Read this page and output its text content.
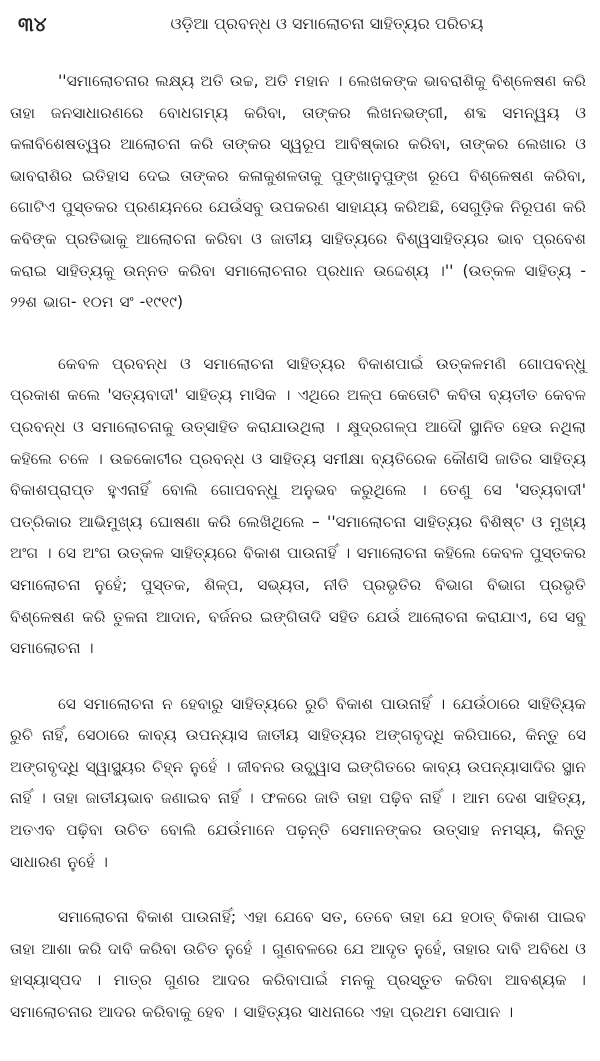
୩୪	ଓଡ଼ିଆ ପ୍ରବନ୍ଧ ଓ ସମାଲୋଚନା ସାହିତ୍ୟର ପରିଚୟ

''ସମାଲୋଚନାର ଲକ୍ଷ୍ୟ ଅତି ଉଚ୍ଚ, ଅତି ମହାନ । ଲେଖକଙ୍କ ଭାବରାଶିକୁ ବିଶ୍ଳେଷଣ କରି ତାହା ଜନସାଧାରଣରେ ବୋଧଗମ୍ୟ କରିବା, ତାଙ୍କର ଲିଖନଭଙ୍ଗୀ, ଶବ୍ଦ ସମନ୍ୱୟ ଓ କଳାବିଶେଷତ୍ୱର ଆଲୋଚନା କରି ତାଙ୍କର ସ୍ୱରୂପ ଆବିଷ୍କାର କରିବା, ତାଙ୍କର ଲେଖାର ଓ ଭାବରାଶିର ଇତିହାସ ଦେଇ ତାଙ୍କର କଳାକୁଶଳତାକୁ ପୁଙ୍ଖାନୁପୁଙ୍ଖ ରୂପେ ବିଶ୍ଳେଷଣ କରିବା, ଗୋଟିଏ ପୁସ୍ତକର ପ୍ରଣୟନରେ ଯେଉଁସବୁ ଉପକରଣ ସାହାଯ୍ୟ କରିଅଛି, ସେଗୁଡ଼ିକ ନିରୂପଣ କରି କବିଙ୍କ ପ୍ରତିଭାକୁ ଆଲୋଚନା କରିବା ଓ ଜାତୀୟ ସାହିତ୍ୟରେ ବିଶ୍ୱସାହିତ୍ୟର ଭାବ ପ୍ରବେଶ କରାଇ ସାହିତ୍ୟକୁ ଉନ୍ନତ କରିବା ସମାଲୋଚନାର ପ୍ରଧାନ ଉଦ୍ଦେଶ୍ୟ ।'' (ଉତ୍କଳ ସାହିତ୍ୟ - ୨୨ଶ ଭାଗ- ୧୦ମ ସଂ -୧୯୧୯)

କେବଳ ପ୍ରବନ୍ଧ ଓ ସମାଲୋଚନା ସାହିତ୍ୟର ବିକାଶପାଇଁ ଉତ୍କଳମଣି ଗୋପବନ୍ଧୁ ପ୍ରକାଶ କଲେ 'ସତ୍ୟବାଦୀ' ସାହିତ୍ୟ ମାସିକ । ଏଥିରେ ଅଳ୍ପ କେତୋଟି କବିତା ବ୍ୟତୀତ କେବଳ ପ୍ରବନ୍ଧ ଓ ସମାଲୋଚନାକୁ ଉତ୍ସାହିତ କରାଯାଉଥିଲା । କ୍ଷୁଦ୍ରଗଳ୍ପ ଆଦୌ ସ୍ଥାନିତ ହେଉ ନଥିଲା କହିଲେ ଚଳେ । ଉଚ୍ଚକୋଟୀର ପ୍ରବନ୍ଧ ଓ ସାହିତ୍ୟ ସମୀକ୍ଷା ବ୍ୟତିରେକ କୌଣସି ଜାତିର ସାହିତ୍ୟ ବିକାଶପ୍ରାପ୍ତ ହୁଏନାହିଁ ବୋଲି ଗୋପବନ୍ଧୁ ଅନୁଭବ କରୁଥିଲେ । ତେଣୁ ସେ 'ସତ୍ୟବାଦୀ' ପତ୍ରିକାର ଆଭିମୁଖ୍ୟ ଘୋଷଣା କରି ଲେଖିଥିଲେ – ''ସମାଲୋଚନା ସାହିତ୍ୟର ବିଶିଷ୍ଟ ଓ ମୁଖ୍ୟ ଅଂଗ । ସେ ଅଂଗ ଉତ୍କଳ ସାହିତ୍ୟରେ ବିକାଶ ପାଉନାହିଁ । ସମାଲୋଚନା କହିଲେ କେବଳ ପୁସ୍ତକର ସମାଲୋଚନା ନୁହେଁ; ପୁସ୍ତକ, ଶିଳ୍ପ, ସଭ୍ୟତା, ନୀତି ପ୍ରଭୃତିର ବିଭାଗ ବିଭାଗ ପ୍ରଭୃତି ବିଶ୍ଳେଷଣ କରି ତୁଳନା ଆଦାନ, ବର୍ଜନର ଇଙ୍ଗିତାଦି ସହିତ ଯେଉଁ ଆଲୋଚନା କରାଯାଏ, ସେ ସବୁ ସମାଲୋଚନା ।

ସେ ସମାଲୋଚନା ନ ହେବାରୁ ସାହିତ୍ୟରେ ରୁଚି ବିକାଶ ପାଉନାହିଁ । ଯେଉଁଠାରେ ସାହିତ୍ୟିକ ରୁଚି ନାହିଁ, ସେଠାରେ କାବ୍ୟ ଉପନ୍ୟାସ ଜାତୀୟ ସାହିତ୍ୟର ଅଙ୍ଗବୃଦ୍ଧି କରିପାରେ, କିନ୍ତୁ ସେ ଅଙ୍ଗବୃଦ୍ଧି ସ୍ୱାସ୍ଥ୍ୟର ଚିହ୍ନ ନୁହେଁ । ଜୀବନର ଉଚ୍ଛ୍ୱାସ ଇଙ୍ଗିତରେ କାବ୍ୟ ଉପନ୍ୟାସାଦିର ସ୍ଥାନ ନାହିଁ । ତାହା ଜାତୀୟଭାବ ଜଣାଇବ ନାହିଁ । ଫଳରେ ଜାତି ତାହା ପଢ଼ିବ ନାହିଁ । ଆମ ଦେଶ ସାହିତ୍ୟ, ଅତଏବ ପଢ଼ିବା ଉଚିତ ବୋଲି ଯେଉଁମାନେ ପଢ଼ନ୍ତି ସେମାନଙ୍କର ଉତ୍ସାହ ନମସ୍ୟ, କିନ୍ତୁ ସାଧାରଣ ନୁହେଁ ।

ସମାଲୋଚନା ବିକାଶ ପାଉନାହିଁ; ଏହା ଯେବେ ସତ, ତେବେ ତାହା ଯେ ହଠାତ୍ ବିକାଶ ପାଇବ ତାହା ଆଶା କରି ଦାବି କରିବା ଉଚିତ ନୁହେଁ । ଗୁଣବଳରେ ଯେ ଆଦୃତ ନୁହେଁ, ତାହାର ଦାବି ଅବିଧେ ଓ ହାସ୍ୟାସ୍ପଦ । ମାତ୍ର ଗୁଣର ଆଦର କରିବାପାଇଁ ମନକୁ ପ୍ରସ୍ତୁତ କରିବା ଆବଶ୍ୟକ । ସମାଲୋଚନାର ଆଦର କରିବାକୁ ହେବ । ସାହିତ୍ୟର ସାଧନାରେ ଏହା ପ୍ରଥମ ସୋପାନ ।
